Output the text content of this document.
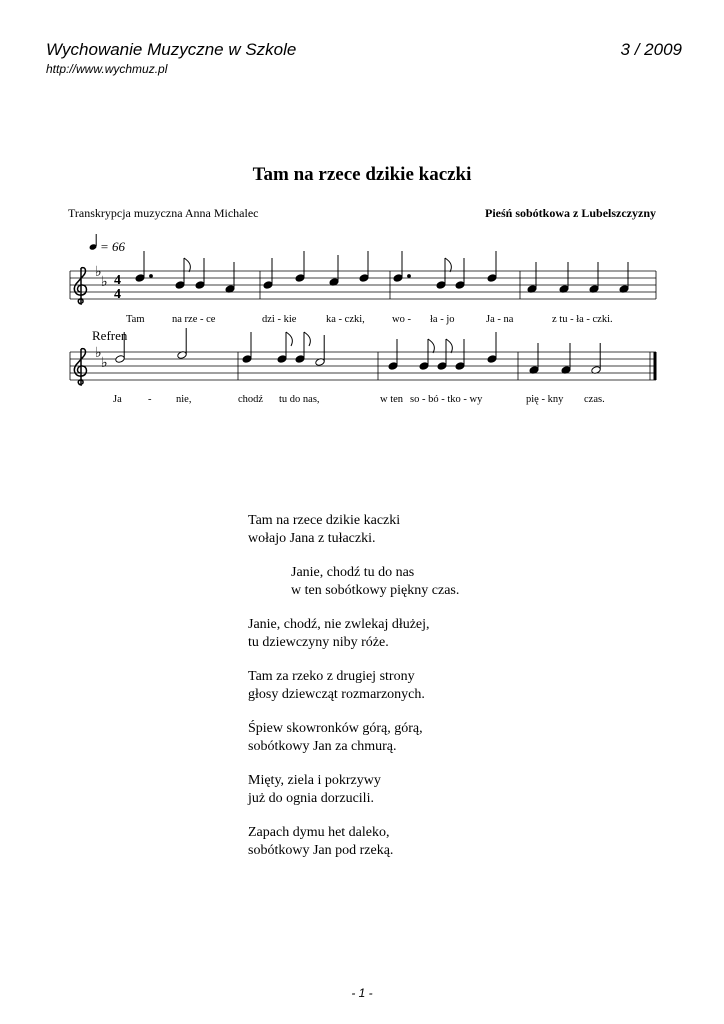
Wychowanie Muzyczne w Szkole	3 / 2009
http://www.wychmuz.pl
Tam na rzece dzikie kaczki
Transkrypcja muzyczna Anna Michalec	Pieśń sobótkowa z Lubelszczyzny
= 66
♭
♭ 4
4
Tam	na rze - ce	dzi - kie	ka - czki,	wo - ła - jo	Ja - na	z tu - ła - czki.
Refren
♭
♭
Ja	- nie,	chodź tu do nas,	w ten so - bó - tko - wy	pię - kny czas.
Tam na rzece dzikie kaczki
wołajo Jana z tułaczki.
Janie, chodź tu do nas
w ten sobótkowy piękny czas.
Janie, chodź, nie zwlekaj dłużej,
tu dziewczyny niby róże.
Tam za rzeko z drugiej strony
głosy dziewcząt rozmarzonych.
Śpiew skowronków górą, górą,
sobótkowy Jan za chmurą.
Mięty, ziela i pokrzywy
już do ognia dorzucili.
Zapach dymu het daleko,
sobótkowy Jan pod rzeką.
- 1 -
